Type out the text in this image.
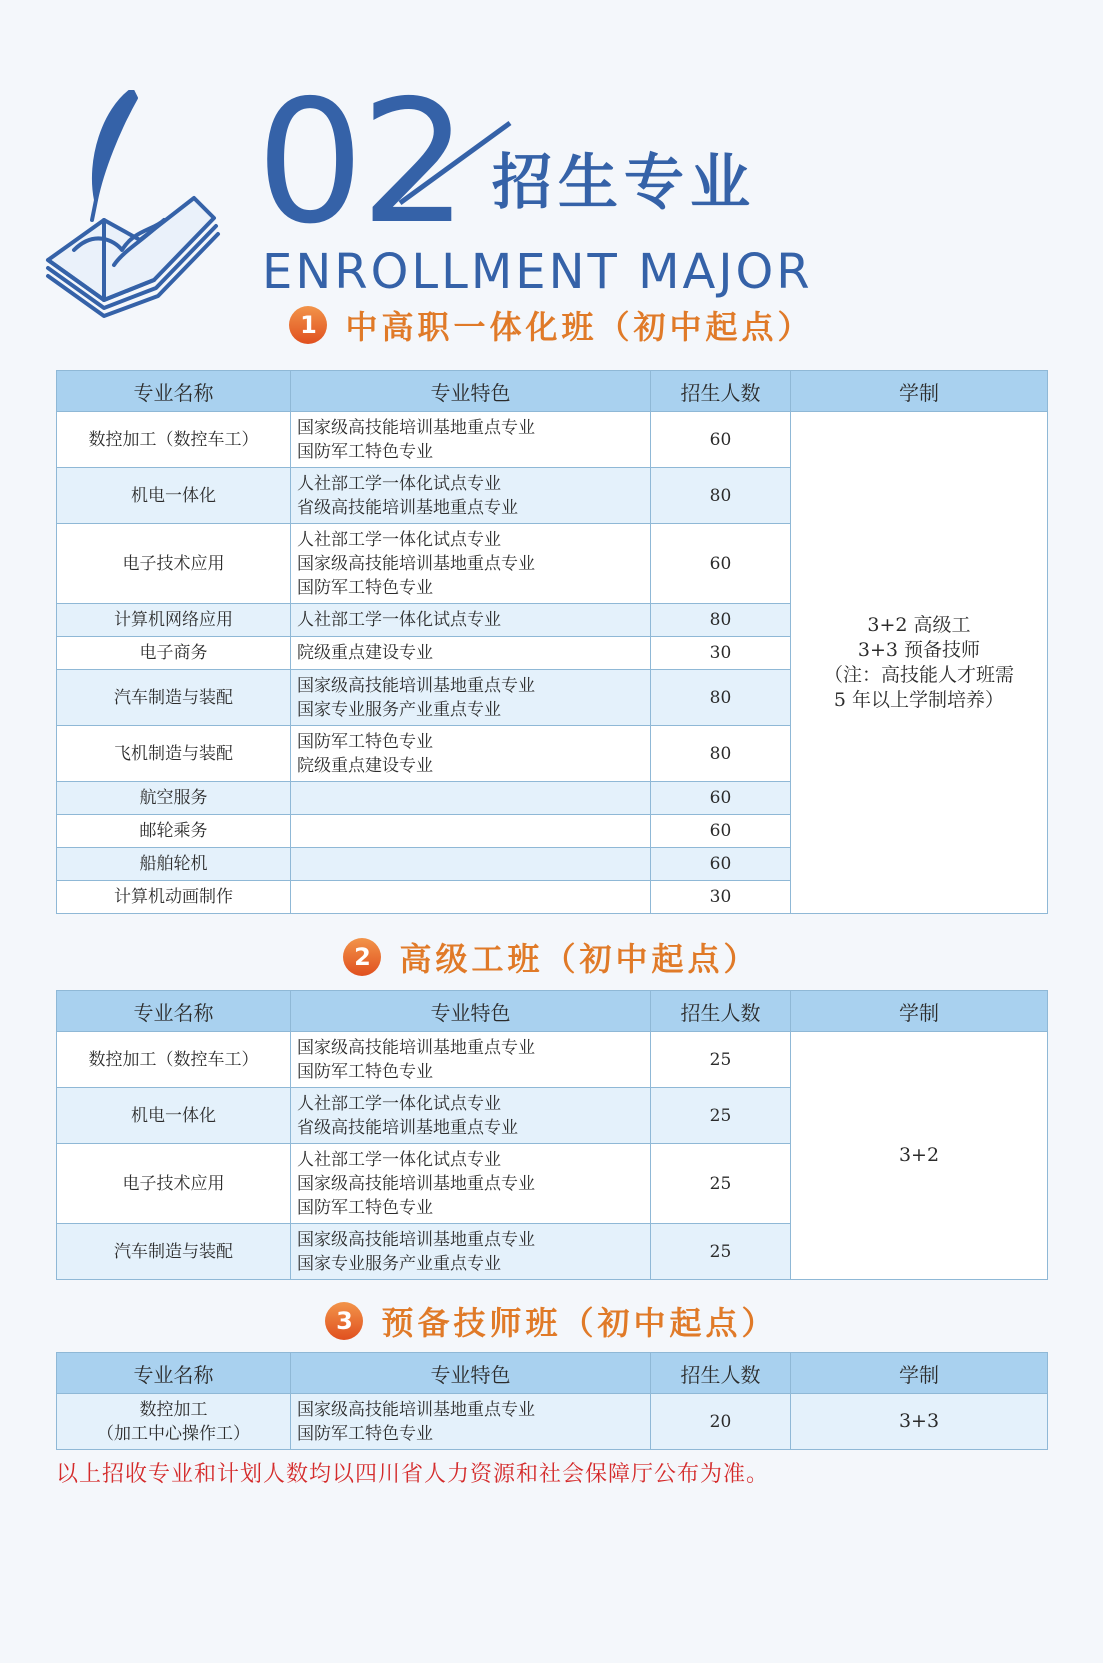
02 招生专业
ENROLLMENT MAJOR
1 中高职一体化班（初中起点）
专业名称	专业特色	招生人数	学制

数控加工（数控车工）	国家级高技能培训基地重点专业
国防军工特色专业	60	3+2 高级工
3+3 预备技师
（注：高技能人才班需
5 年以上学制培养）

机电一体化	人社部工学一体化试点专业
省级高技能培训基地重点专业	80	

电子技术应用	人社部工学一体化试点专业
国家级高技能培训基地重点专业
国防军工特色专业	60	

计算机网络应用	人社部工学一体化试点专业	80	

电子商务	院级重点建设专业	30	

汽车制造与装配	国家级高技能培训基地重点专业
国家专业服务产业重点专业	80	

飞机制造与装配	国防军工特色专业
院级重点建设专业	80	

航空服务		60	

邮轮乘务		60	

船舶轮机		60	

计算机动画制作		30	
2 高级工班（初中起点）
专业名称	专业特色	招生人数	学制

数控加工（数控车工）	国家级高技能培训基地重点专业
国防军工特色专业	25	3+2

机电一体化	人社部工学一体化试点专业
省级高技能培训基地重点专业	25	

电子技术应用	人社部工学一体化试点专业
国家级高技能培训基地重点专业
国防军工特色专业	25	

汽车制造与装配	国家级高技能培训基地重点专业
国家专业服务产业重点专业	25	
3 预备技师班（初中起点）
专业名称	专业特色	招生人数	学制

数控加工
（加工中心操作工）	国家级高技能培训基地重点专业
国防军工特色专业	20	3+3
以上招收专业和计划人数均以四川省人力资源和社会保障厅公布为准。
